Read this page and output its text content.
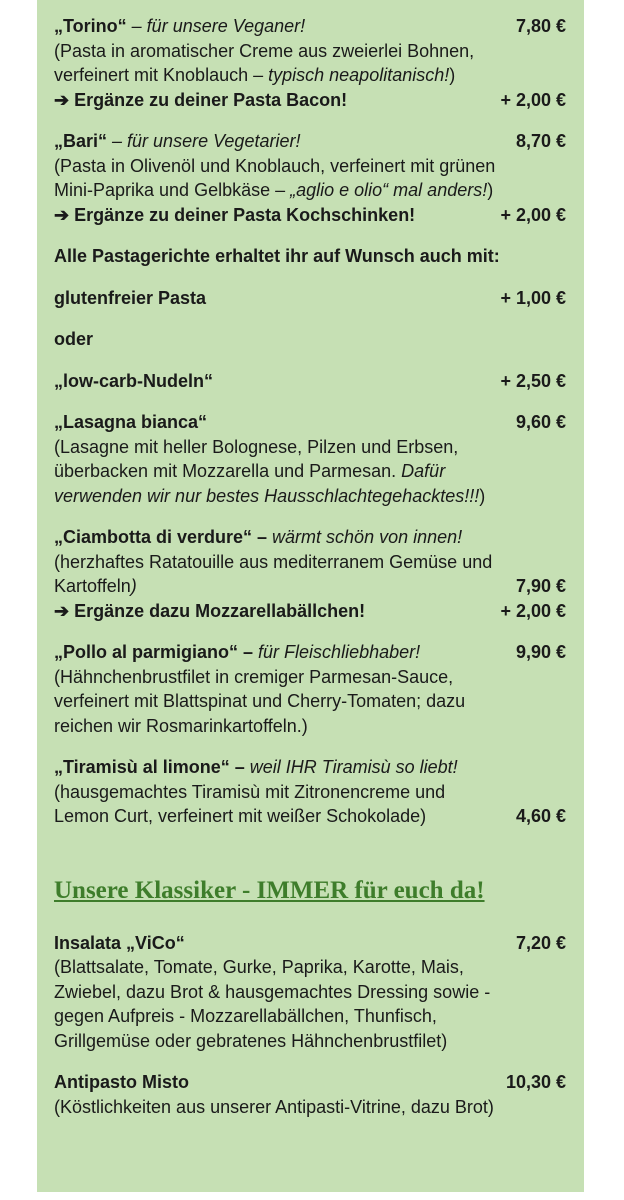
„Torino“ – für unsere Veganer!	7,80 €
(Pasta in aromatischer Creme aus zweierlei Bohnen,
verfeinert mit Knoblauch – typisch neapolitanisch!)
➔ Ergänze zu deiner Pasta Bacon!	+ 2,00 €
„Bari“ – für unsere Vegetarier!	8,70 €
(Pasta in Olivenöl und Knoblauch, verfeinert mit grünen
Mini-Paprika und Gelbkäse – „aglio e olio“ mal anders!)
➔ Ergänze zu deiner Pasta Kochschinken!	+ 2,00 €
Alle Pastagerichte erhaltet ihr auf Wunsch auch mit:
glutenfreier Pasta	+ 1,00 €
oder
„low-carb-Nudeln“	+ 2,50 €
„Lasagna bianca“	9,60 €
(Lasagne mit heller Bolognese, Pilzen und Erbsen,
überbacken mit Mozzarella und Parmesan. Dafür
verwenden wir nur bestes Hausschlachtegehacktes!!!)
„Ciambotta di verdure“ – wärmt schön von innen!
(herzhaftes Ratatouille aus mediterranem Gemüse und
Kartoffeln)	7,90 €
➔ Ergänze dazu Mozzarellabällchen!	+ 2,00 €
„Pollo al parmigiano“ – für Fleischliebhaber!	9,90 €
(Hähnchenbrustfilet in cremiger Parmesan-Sauce,
verfeinert mit Blattspinat und Cherry-Tomaten; dazu
reichen wir Rosmarinkartoffeln.)
„Tiramisù al limone“ – weil IHR Tiramisù so liebt!
(hausgemachtes Tiramisù mit Zitronencreme und
Lemon Curt, verfeinert mit weißer Schokolade)	4,60 €
Unsere Klassiker - IMMER für euch da!
Insalata „ViCo“	7,20 €
(Blattsalate, Tomate, Gurke, Paprika, Karotte, Mais,
Zwiebel, dazu Brot & hausgemachtes Dressing sowie -
gegen Aufpreis - Mozzarellabällchen, Thunfisch,
Grillgemüse oder gebratenes Hähnchenbrustfilet)
Antipasto Misto	10,30 €
(Köstlichkeiten aus unserer Antipasti-Vitrine, dazu Brot)
